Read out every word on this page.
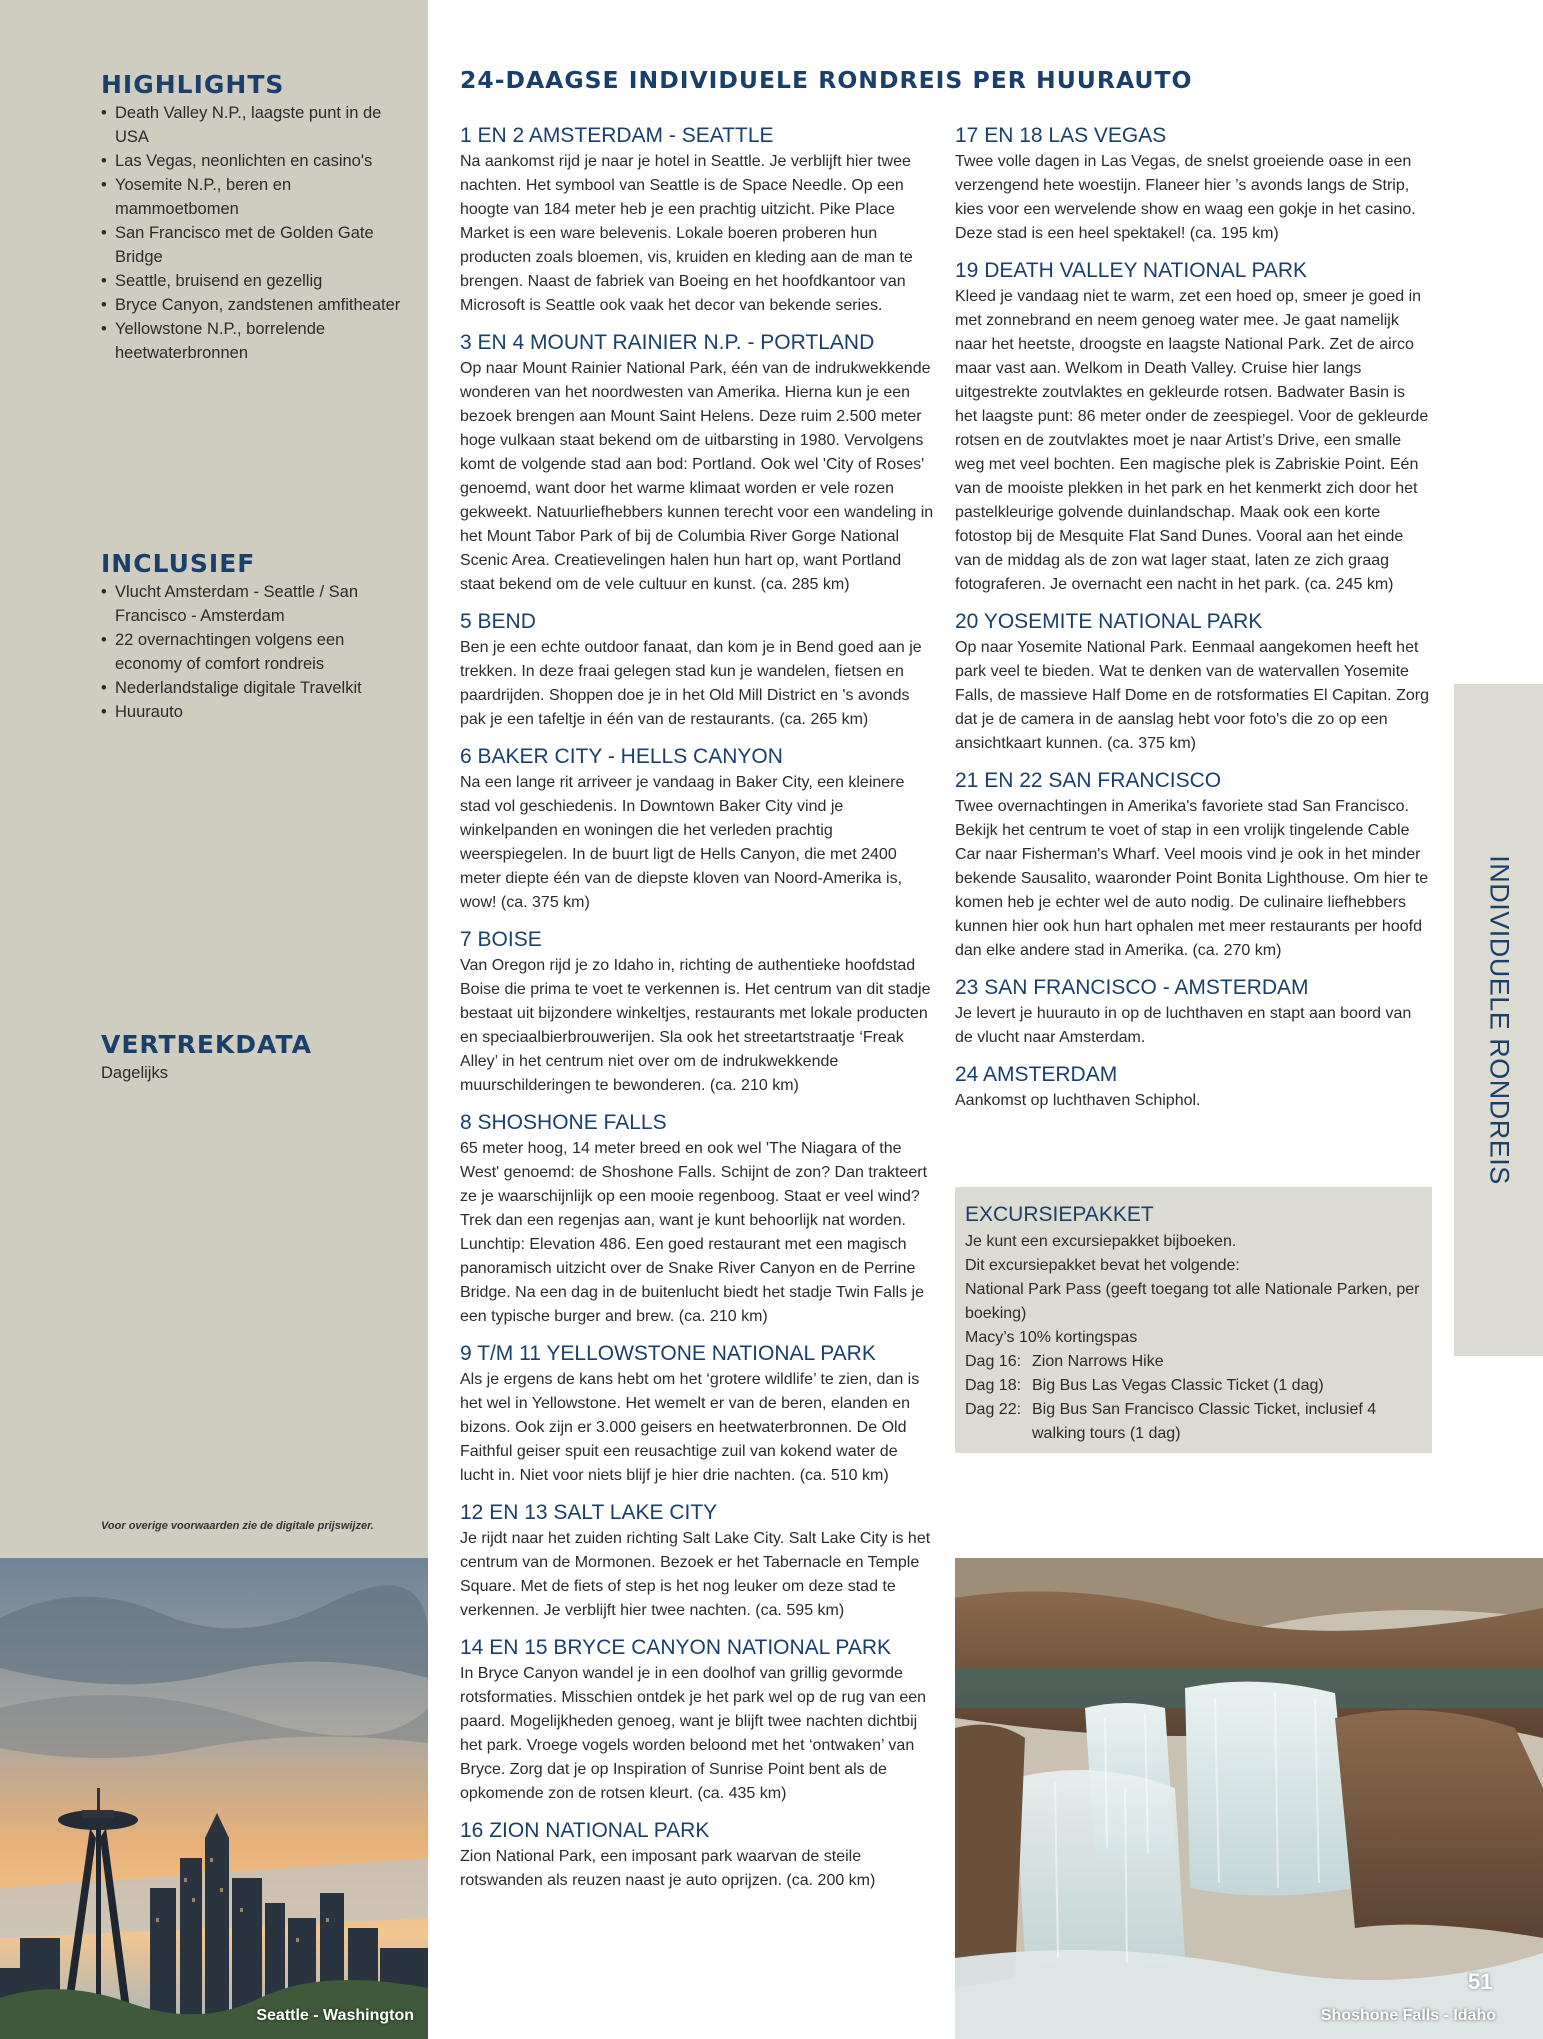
HIGHLIGHTS
• Death Valley N.P., laagste punt in de USA
• Las Vegas, neonlichten en casino's
• Yosemite N.P., beren en mammoetbomen
• San Francisco met de Golden Gate Bridge
• Seattle, bruisend en gezellig
• Bryce Canyon, zandstenen amfitheater
• Yellowstone N.P., borrelende heetwaterbronnen
INCLUSIEF
• Vlucht Amsterdam - Seattle / San Francisco - Amsterdam
• 22 overnachtingen volgens een economy of comfort rondreis
• Nederlandstalige digitale Travelkit
• Huurauto
VERTREKDATA
Dagelijks
Voor overige voorwaarden zie de digitale prijswijzer.
Seattle - Washington
24-DAAGSE INDIVIDUELE RONDREIS PER HUURAUTO
1 EN 2 AMSTERDAM - SEATTLE

Na aankomst rijd je naar je hotel in Seattle. Je verblijft hier twee nachten. Het symbool van Seattle is de Space Needle. Op een hoogte van 184 meter heb je een prachtig uitzicht. Pike Place Market is een ware belevenis. Lokale boeren proberen hun producten zoals bloemen, vis, kruiden en kleding aan de man te brengen. Naast de fabriek van Boeing en het hoofdkantoor van Microsoft is Seattle ook vaak het decor van bekende series.

3 EN 4 MOUNT RAINIER N.P. - PORTLAND

Op naar Mount Rainier National Park, één van de indrukwekkende wonderen van het noordwesten van Amerika. Hierna kun je een bezoek brengen aan Mount Saint Helens. Deze ruim 2.500 meter hoge vulkaan staat bekend om de uitbarsting in 1980. Vervolgens komt de volgende stad aan bod: Portland. Ook wel 'City of Roses' genoemd, want door het warme klimaat worden er vele rozen gekweekt. Natuurliefhebbers kunnen terecht voor een wandeling in het Mount Tabor Park of bij de Columbia River Gorge National Scenic Area. Creatievelingen halen hun hart op, want Portland staat bekend om de vele cultuur en kunst. (ca. 285 km)

5 BEND

Ben je een echte outdoor fanaat, dan kom je in Bend goed aan je trekken. In deze fraai gelegen stad kun je wandelen, fietsen en paardrijden. Shoppen doe je in het Old Mill District en 's avonds pak je een tafeltje in één van de restaurants. (ca. 265 km)

6 BAKER CITY - HELLS CANYON

Na een lange rit arriveer je vandaag in Baker City, een kleinere stad vol geschiedenis. In Downtown Baker City vind je winkelpanden en woningen die het verleden prachtig weerspiegelen. In de buurt ligt de Hells Canyon, die met 2400 meter diepte één van de diepste kloven van Noord-Amerika is, wow! (ca. 375 km)

7 BOISE

Van Oregon rijd je zo Idaho in, richting de authentieke hoofdstad Boise die prima te voet te verkennen is. Het centrum van dit stadje bestaat uit bijzondere winkeltjes, restaurants met lokale producten en speciaalbierbrouwerijen. Sla ook het streetartstraatje ‘Freak Alley’ in het centrum niet over om de indrukwekkende muurschilderingen te bewonderen. (ca. 210 km)

8 SHOSHONE FALLS

65 meter hoog, 14 meter breed en ook wel 'The Niagara of the West' genoemd: de Shoshone Falls. Schijnt de zon? Dan trakteert ze je waarschijnlijk op een mooie regenboog. Staat er veel wind? Trek dan een regenjas aan, want je kunt behoorlijk nat worden. Lunchtip: Elevation 486. Een goed restaurant met een magisch panoramisch uitzicht over de Snake River Canyon en de Perrine Bridge. Na een dag in de buitenlucht biedt het stadje Twin Falls je een typische burger and brew. (ca. 210 km)

9 T/M 11 YELLOWSTONE NATIONAL PARK

Als je ergens de kans hebt om het ‘grotere wildlife’ te zien, dan is het wel in Yellowstone. Het wemelt er van de beren, elanden en bizons. Ook zijn er 3.000 geisers en heetwaterbronnen. De Old Faithful geiser spuit een reusachtige zuil van kokend water de lucht in. Niet voor niets blijf je hier drie nachten. (ca. 510 km)

12 EN 13 SALT LAKE CITY

Je rijdt naar het zuiden richting Salt Lake City. Salt Lake City is het centrum van de Mormonen. Bezoek er het Tabernacle en Temple Square. Met de fiets of step is het nog leuker om deze stad te verkennen. Je verblijft hier twee nachten. (ca. 595 km)

14 EN 15 BRYCE CANYON NATIONAL PARK

In Bryce Canyon wandel je in een doolhof van grillig gevormde rotsformaties. Misschien ontdek je het park wel op de rug van een paard. Mogelijkheden genoeg, want je blijft twee nachten dichtbij het park. Vroege vogels worden beloond met het ‘ontwaken’ van Bryce. Zorg dat je op Inspiration of Sunrise Point bent als de opkomende zon de rotsen kleurt. (ca. 435 km)

16 ZION NATIONAL PARK

Zion National Park, een imposant park waarvan de steile rotswanden als reuzen naast je auto oprijzen. (ca. 200 km)

17 EN 18 LAS VEGAS

Twee volle dagen in Las Vegas, de snelst groeiende oase in een verzengend hete woestijn. Flaneer hier ’s avonds langs de Strip, kies voor een wervelende show en waag een gokje in het casino. Deze stad is een heel spektakel! (ca. 195 km)

19 DEATH VALLEY NATIONAL PARK

Kleed je vandaag niet te warm, zet een hoed op, smeer je goed in met zonnebrand en neem genoeg water mee. Je gaat namelijk naar het heetste, droogste en laagste National Park. Zet de airco maar vast aan. Welkom in Death Valley. Cruise hier langs uitgestrekte zoutvlaktes en gekleurde rotsen. Badwater Basin is het laagste punt: 86 meter onder de zeespiegel. Voor de gekleurde rotsen en de zoutvlaktes moet je naar Artist’s Drive, een smalle weg met veel bochten. Een magische plek is Zabriskie Point. Eén van de mooiste plekken in het park en het kenmerkt zich door het pastelkleurige golvende duinlandschap. Maak ook een korte fotostop bij de Mesquite Flat Sand Dunes. Vooral aan het einde van de middag als de zon wat lager staat, laten ze zich graag fotograferen. Je overnacht een nacht in het park. (ca. 245 km)

20 YOSEMITE NATIONAL PARK

Op naar Yosemite National Park. Eenmaal aangekomen heeft het park veel te bieden. Wat te denken van de watervallen Yosemite Falls, de massieve Half Dome en de rotsformaties El Capitan. Zorg dat je de camera in de aanslag hebt voor foto's die zo op een ansichtkaart kunnen. (ca. 375 km)

21 EN 22 SAN FRANCISCO

Twee overnachtingen in Amerika's favoriete stad San Francisco. Bekijk het centrum te voet of stap in een vrolijk tingelende Cable Car naar Fisherman's Wharf. Veel moois vind je ook in het minder bekende Sausalito, waaronder Point Bonita Lighthouse. Om hier te komen heb je echter wel de auto nodig. De culinaire liefhebbers kunnen hier ook hun hart ophalen met meer restaurants per hoofd dan elke andere stad in Amerika. (ca. 270 km)

23 SAN FRANCISCO - AMSTERDAM

Je levert je huurauto in op de luchthaven en stapt aan boord van de vlucht naar Amsterdam.

24 AMSTERDAM

Aankomst op luchthaven Schiphol.

EXCURSIEPAKKET
Je kunt een excursiepakket bijboeken.
Dit excursiepakket bevat het volgende:
National Park Pass (geeft toegang tot alle Nationale Parken, per boeking)
Macy’s 10% kortingspas
Dag 16: Zion Narrows Hike
Dag 18: Big Bus Las Vegas Classic Ticket (1 dag)
Dag 22: Big Bus San Francisco Classic Ticket, inclusief 4 walking tours (1 dag)
INDIVIDUELE RONDREIS
Shoshone Falls - Idaho
51
